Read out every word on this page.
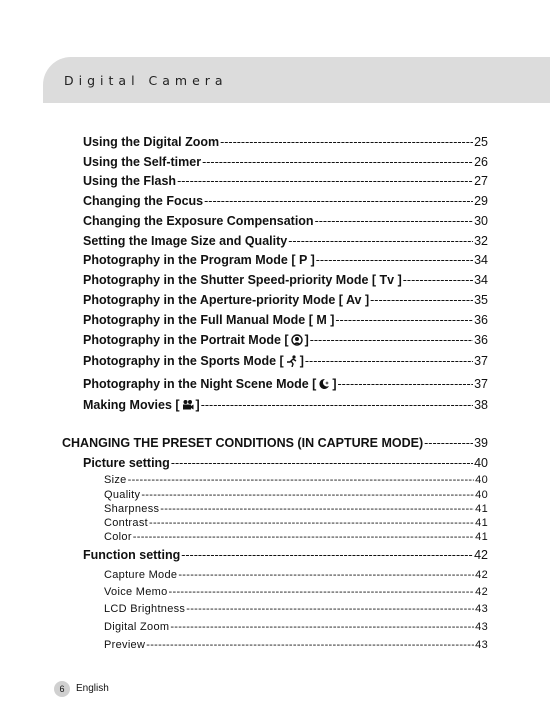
Digital Camera
Using the Digital Zoom -----	25
Using the Self-timer -----	26
Using the Flash -----	27
Changing the Focus -----	29
Changing the Exposure Compensation -----	30
Setting the Image Size and Quality -----	32
Photography in the Program Mode [ P ] -----	34
Photography in the Shutter Speed-priority Mode [ Tv ] -----	34
Photography in the Aperture-priority Mode [ Av ] -----	35
Photography in the Full Manual Mode [ M ] -----	36
Photography in the Portrait Mode [ ] -----	36
Photography in the Sports Mode [ ] -----	37
Photography in the Night Scene Mode [ ] -----	37
Making Movies [ ] -----	38
CHANGING THE PRESET CONDITIONS (IN CAPTURE MODE) -----	39
Picture setting -----	40
Size -----	40
Quality -----	40
Sharpness -----	41
Contrast -----	41
Color -----	41
Function setting -----	42
Capture Mode -----	42
Voice Memo -----	42
LCD Brightness -----	43
Digital Zoom -----	43
Preview -----	43
6	English
